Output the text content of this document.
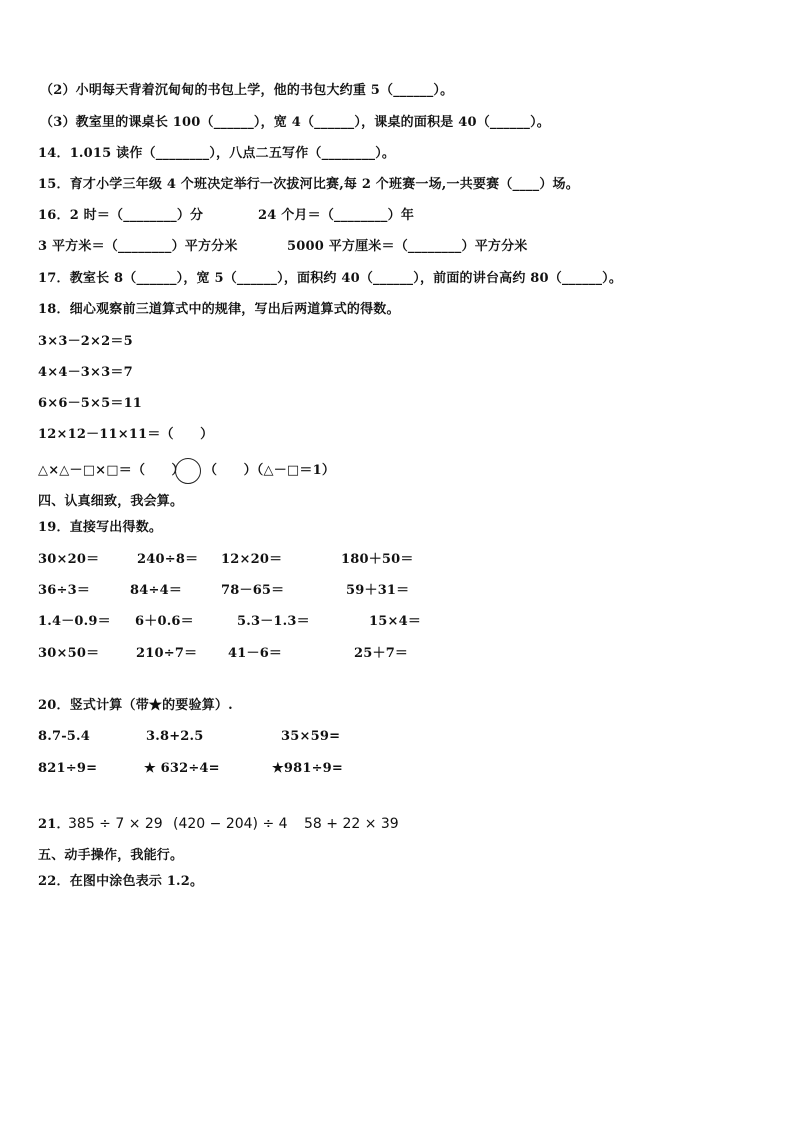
（2）小明每天背着沉甸甸的书包上学，他的书包大约重 5（______）。
（3）教室里的课桌长 100（______），宽 4（______），课桌的面积是 40（______）。
14．1.015 读作（________），八点二五写作（________）。
15．育才小学三年级 4 个班决定举行一次拔河比赛,每 2 个班赛一场,一共要赛（____）场。
16．2 时＝（________）分	24 个月＝（________）年
3 平方米＝（________）平方分米	5000 平方厘米＝（________）平方分米
17．教室长 8（______），宽 5（______），面积约 40（______），前面的讲台高约 80（______）。
18．细心观察前三道算式中的规律，写出后两道算式的得数。
3×3－2×2＝5
4×4－3×3＝7
6×6－5×5＝11
12×12－11×11＝（　　）
△×△－□×□＝（　　） （　　）（△－□＝1）
四、认真细致，我会算。
19．直接写出得数。
30×20＝	240÷8＝ 12×20＝	180＋50＝
36÷3＝	84÷4＝	78－65＝	59＋31＝
1.4－0.9＝ 6＋0.6＝	5.3－1.3＝	15×4＝
30×50＝	210÷7＝ 41－6＝	25＋7＝
20．竖式计算（带★的要验算）.
8.7-5.4	3.8+2.5	35×59=
821÷9=	★ 632÷4=	★981÷9=
21．
385 ÷ 7 × 29 (420 − 204) ÷ 4 58 + 22 × 39
五、动手操作，我能行。
22．在图中涂色表示 1.2。
